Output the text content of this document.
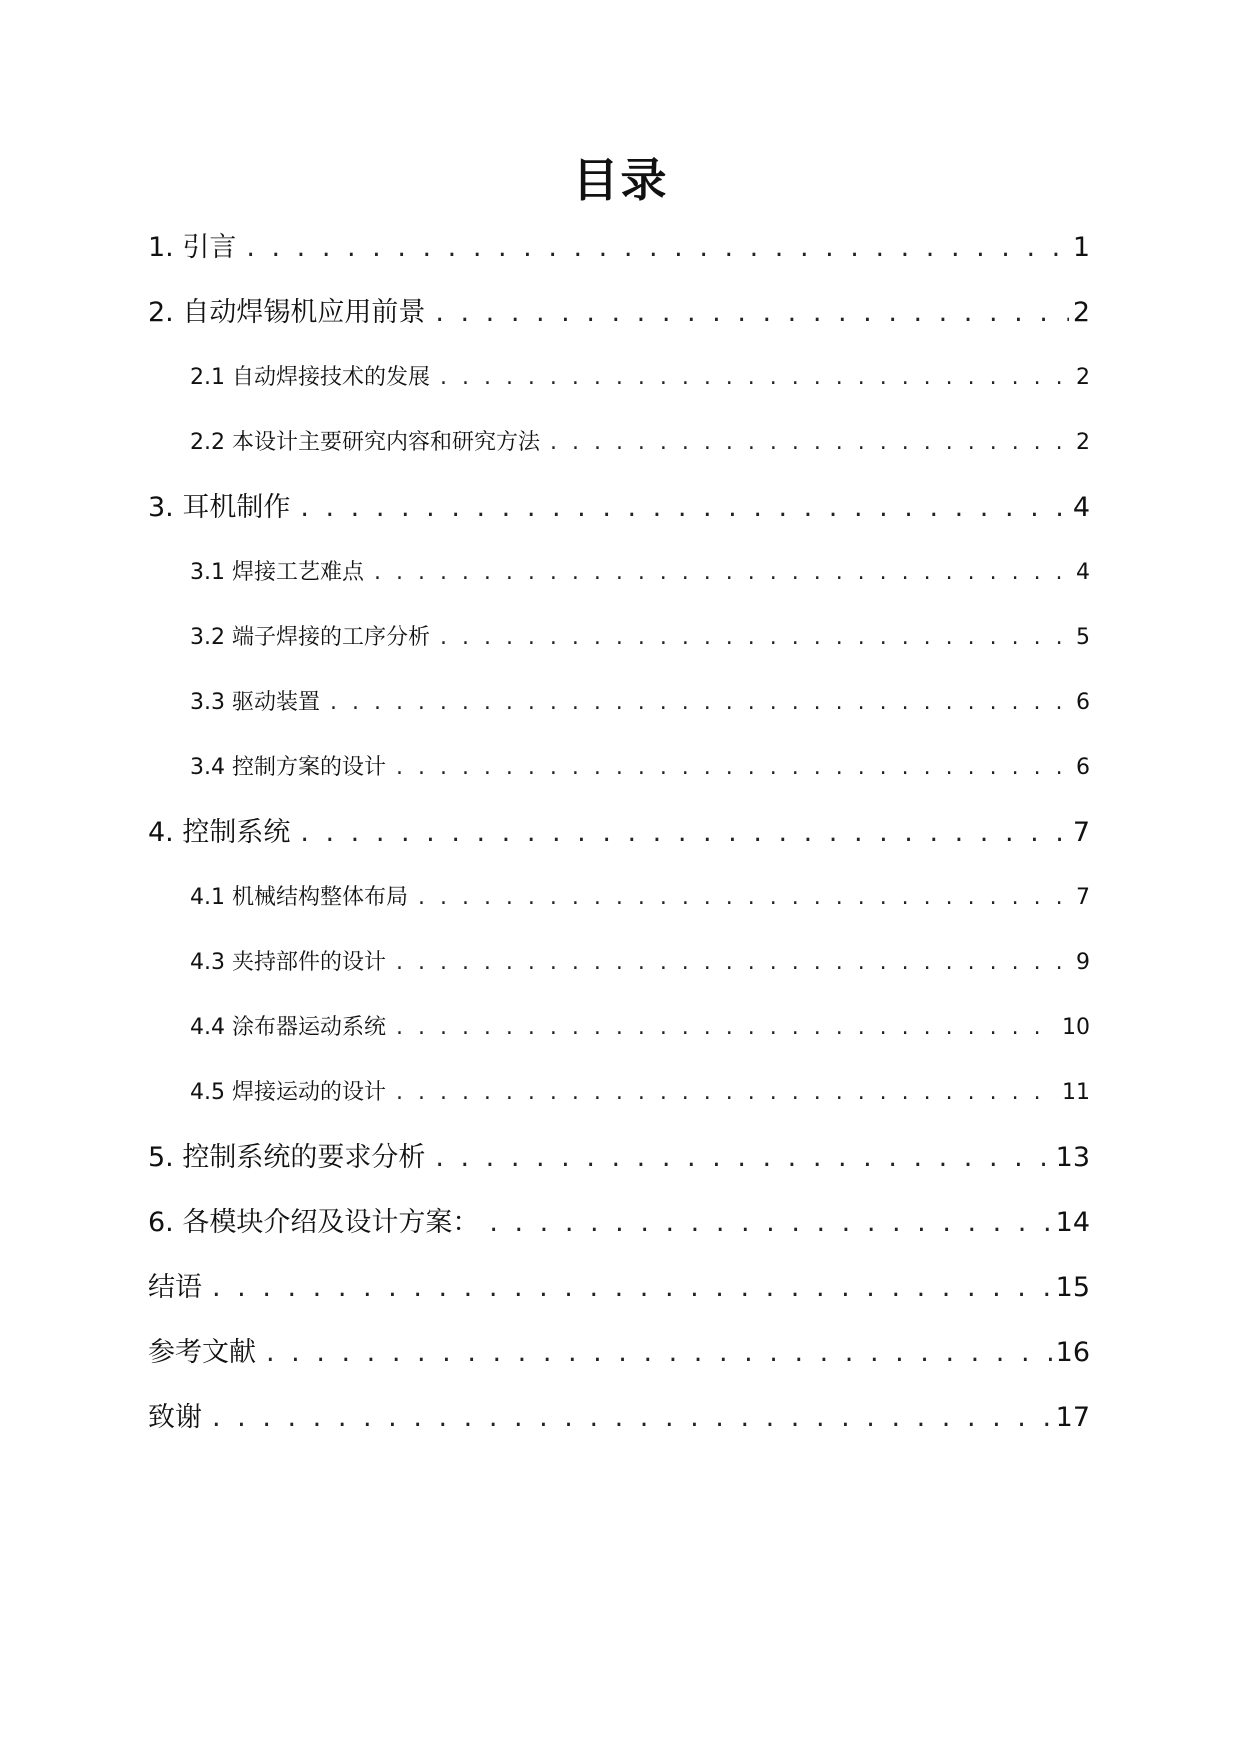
目录
1. 引言 . . .	1
2. 自动焊锡机应用前景 . . .	2
2.1 自动焊接技术的发展 . . .	2
2.2 本设计主要研究内容和研究方法 . . .	2
3. 耳机制作 . . .	4
3.1 焊接工艺难点 . . .	4
3.2 端子焊接的工序分析 . . .	5
3.3 驱动装置 . . .	6
3.4 控制方案的设计 . . .	6
4. 控制系统 . . .	7
4.1 机械结构整体布局 . . .	7
4.3 夹持部件的设计 . . .	9
4.4 涂布器运动系统 . . .	10
4.5 焊接运动的设计 . . .	11
5. 控制系统的要求分析 . . .	13
6. 各模块介绍及设计方案： . . .	14
结语 . . .	15
参考文献 . . .	16
致谢 . . .	17
